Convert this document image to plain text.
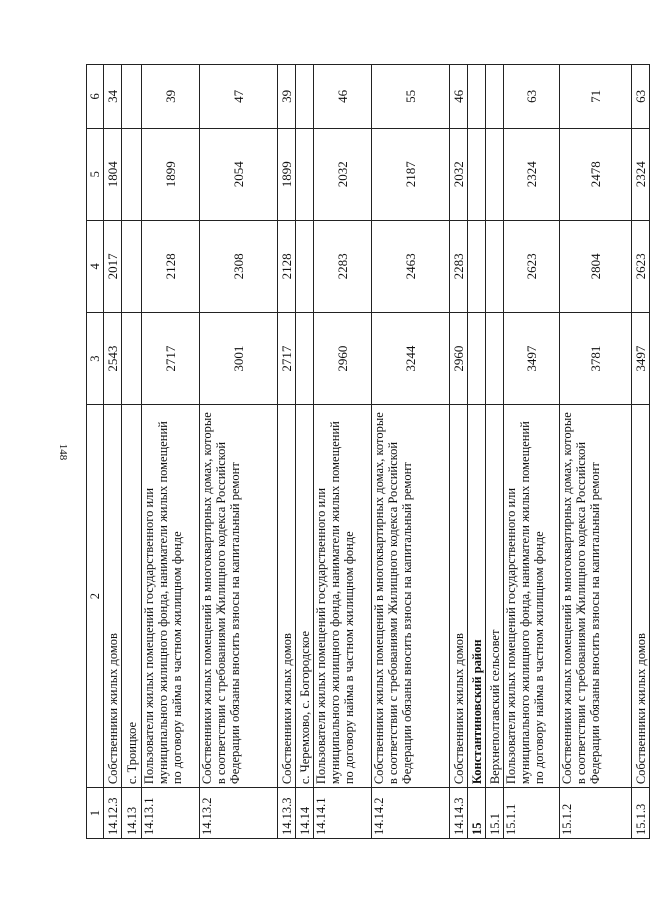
148
1	2	3	4	5	6
14.12.3	Собственники жилых домов	2543	2017	1804	34
14.13	с. Троицкое				
14.13.1	Пользователи жилых помещений государственного или муниципального жилищного фонда, наниматели жилых помещений по договору найма в частном жилищном фонде	2717	2128	1899	39
14.13.2	Собственники жилых помещений в многоквартирных домах, которые в соответствии с требованиями Жилищного кодекса Российской Федерации обязаны вносить взносы на капитальный ремонт	3001	2308	2054	47
14.13.3	Собственники жилых домов	2717	2128	1899	39
14.14	с. Черемхово, с. Богородское				
14.14.1	Пользователи жилых помещений государственного или муниципального жилищного фонда, наниматели жилых помещений по договору найма в частном жилищном фонде	2960	2283	2032	46
14.14.2	Собственники жилых помещений в многоквартирных домах, которые в соответствии с требованиями Жилищного кодекса Российской Федерации обязаны вносить взносы на капитальный ремонт	3244	2463	2187	55
14.14.3	Собственники жилых домов	2960	2283	2032	46
15	Константиновский район				
15.1	Верхнеполтавский сельсовет				
15.1.1	Пользователи жилых помещений государственного или муниципального жилищного фонда, наниматели жилых помещений по договору найма в частном жилищном фонде	3497	2623	2324	63
15.1.2	Собственники жилых помещений в многоквартирных домах, которые в соответствии с требованиями Жилищного кодекса Российской Федерации обязаны вносить взносы на капитальный ремонт	3781	2804	2478	71
15.1.3	Собственники жилых домов	3497	2623	2324	63
